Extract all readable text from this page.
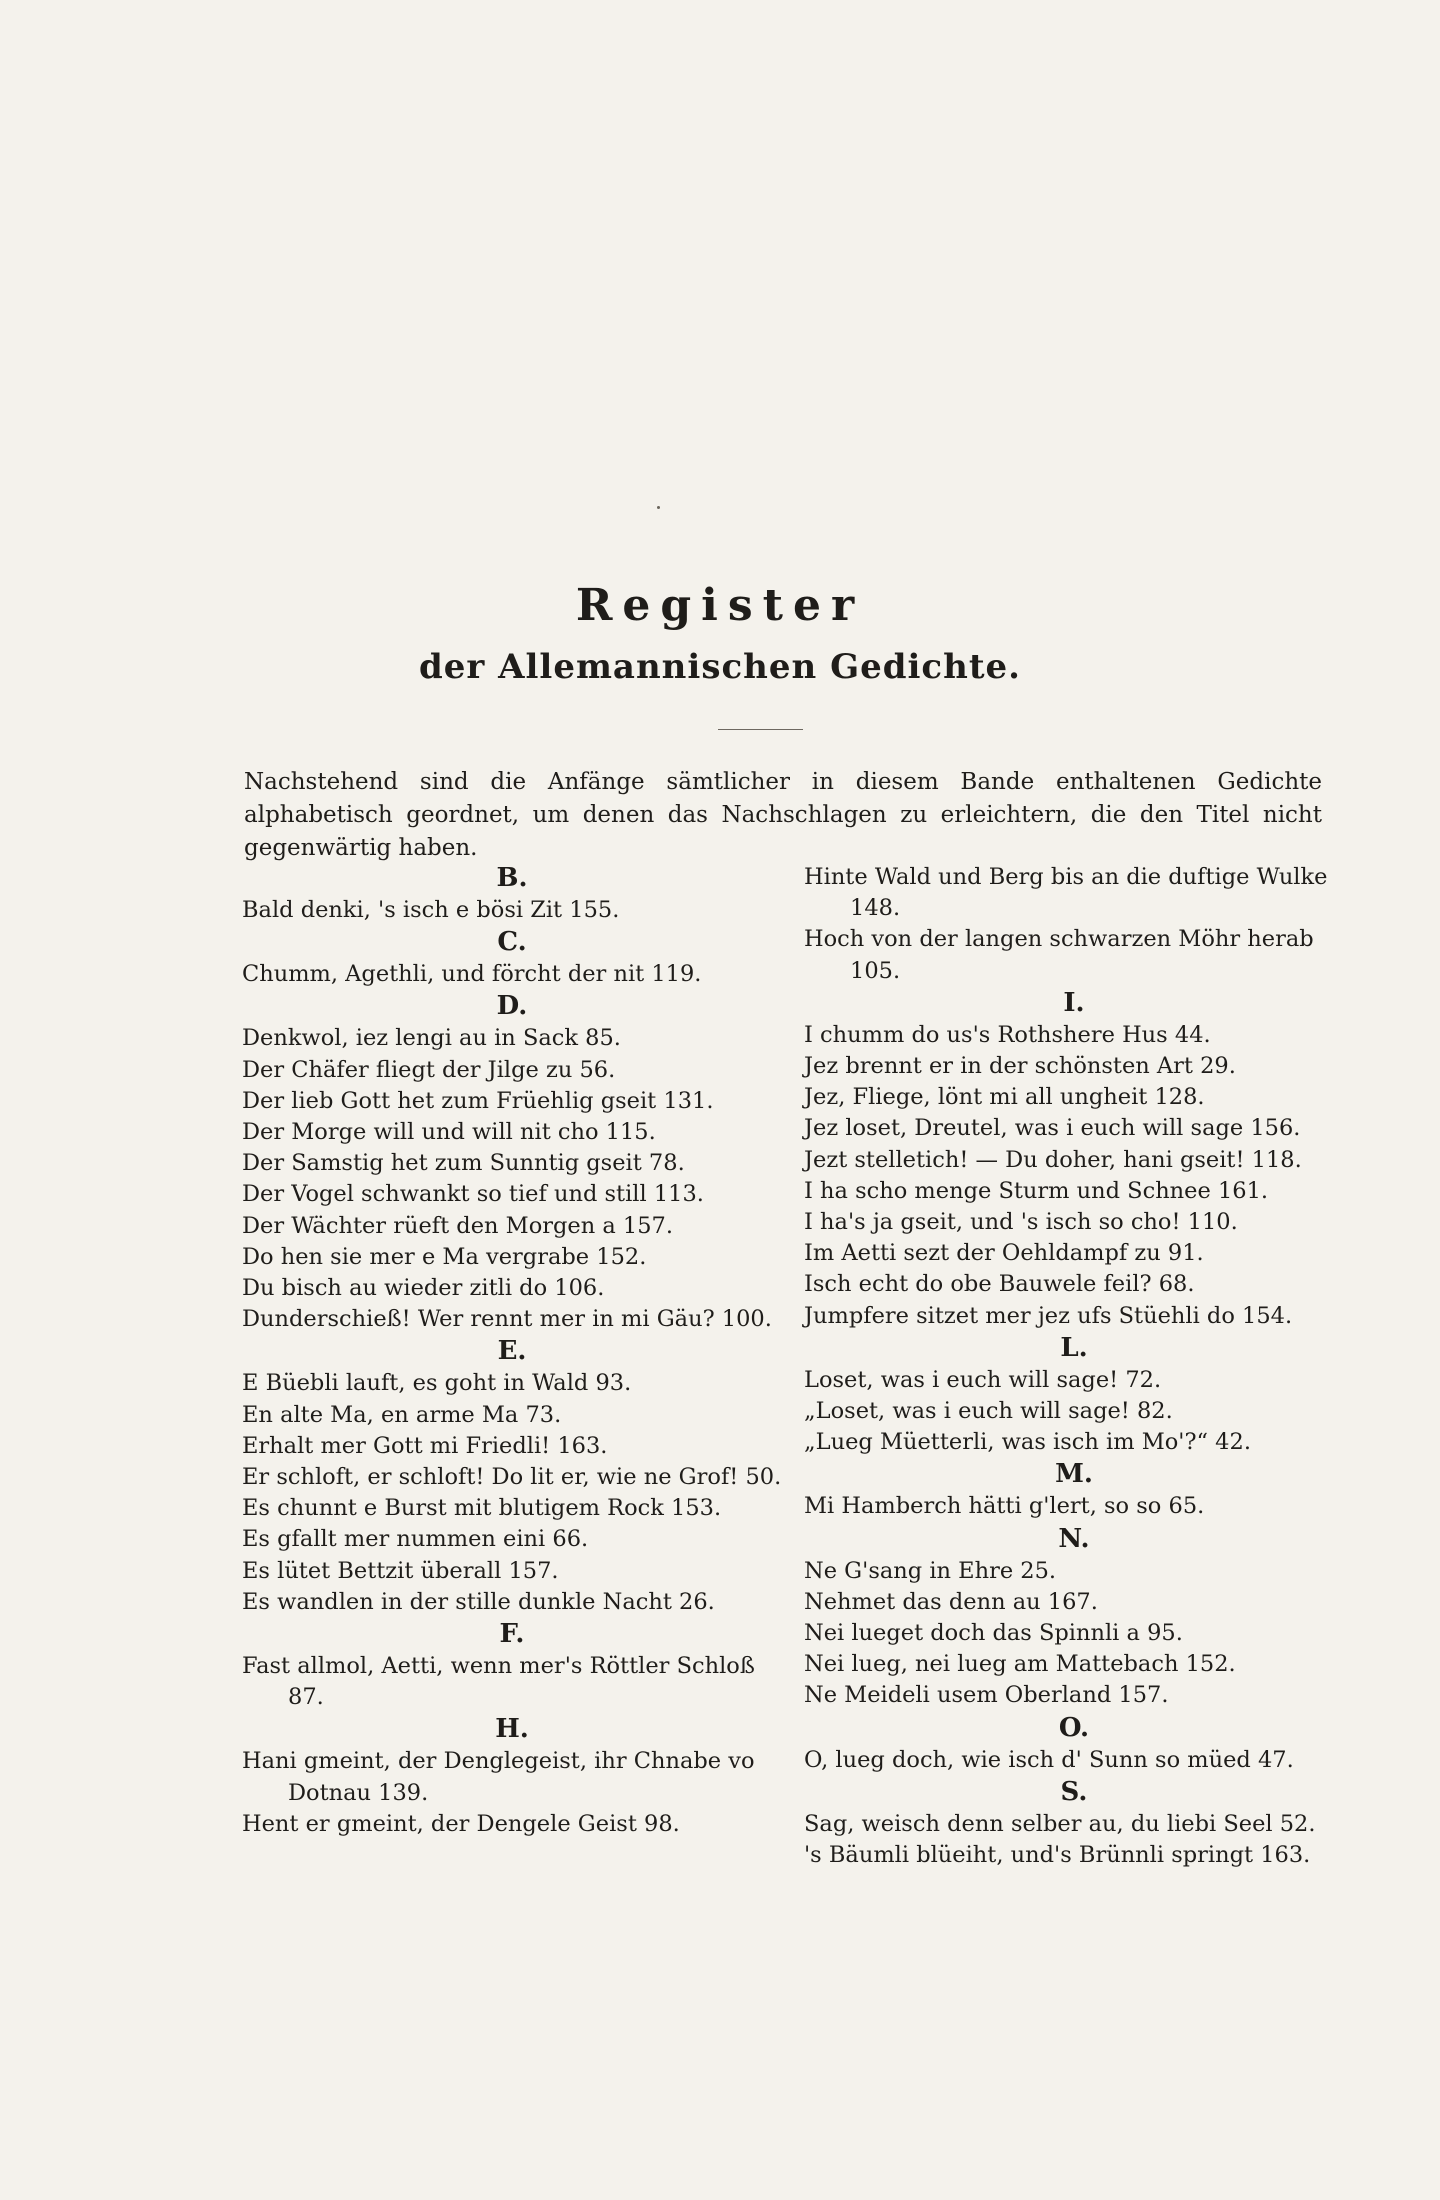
Register
der Allemannischen Gedichte.

Nachstehend sind die Anfänge sämtlicher in diesem Bande enthaltenen Gedichte alphabetisch geordnet, um denen das Nachschlagen zu erleichtern, die den Titel nicht gegenwärtig haben.

B.
Bald denki, 's isch e bösi Zit 155.
C.
Chumm, Agethli, und förcht der nit 119.
D.
Denkwol, iez lengi au in Sack 85.
Der Chäfer fliegt der Jilge zu 56.
Der lieb Gott het zum Früehlig gseit 131.
Der Morge will und will nit cho 115.
Der Samstig het zum Sunntig gseit 78.
Der Vogel schwankt so tief und still 113.
Der Wächter rüeft den Morgen a 157.
Do hen sie mer e Ma vergrabe 152.
Du bisch au wieder zitli do 106.
Dunderschieß! Wer rennt mer in mi Gäu? 100.
E.
E Büebli lauft, es goht in Wald 93.
En alte Ma, en arme Ma 73.
Erhalt mer Gott mi Friedli! 163.
Er schloft, er schloft! Do lit er, wie ne Grof! 50.
Es chunnt e Burst mit blutigem Rock 153.
Es gfallt mer nummen eini 66.
Es lütet Bettzit überall 157.
Es wandlen in der stille dunkle Nacht 26.
F.
Fast allmol, Aetti, wenn mer's Röttler Schloß 87.
H.
Hani gmeint, der Denglegeist, ihr Chnabe vo Dotnau 139.
Hent er gmeint, der Dengele Geist 98.
Hinte Wald und Berg bis an die duftige Wulke 148.
Hoch von der langen schwarzen Möhr herab 105.
I.
I chumm do us's Rothshere Hus 44.
Jez brennt er in der schönsten Art 29.
Jez, Fliege, lönt mi all ungheit 128.
Jez loset, Dreutel, was i euch will sage 156.
Jezt stelletich! — Du doher, hani gseit! 118.
I ha scho menge Sturm und Schnee 161.
I ha's ja gseit, und 's isch so cho! 110.
Im Aetti sezt der Oehldampf zu 91.
Isch echt do obe Bauwele feil? 68.
Jumpfere sitzet mer jez ufs Stüehli do 154.
L.
Loset, was i euch will sage! 72.
„Loset, was i euch will sage! 82.
„Lueg Müetterli, was isch im Mo'?“ 42.
M.
Mi Hamberch hätti g'lert, so so 65.
N.
Ne G'sang in Ehre 25.
Nehmet das denn au 167.
Nei lueget doch das Spinnli a 95.
Nei lueg, nei lueg am Mattebach 152.
Ne Meideli usem Oberland 157.
O.
O, lueg doch, wie isch d' Sunn so müed 47.
S.
Sag, weisch denn selber au, du liebi Seel 52.
's Bäumli blüeiht, und's Brünnli springt 163.
